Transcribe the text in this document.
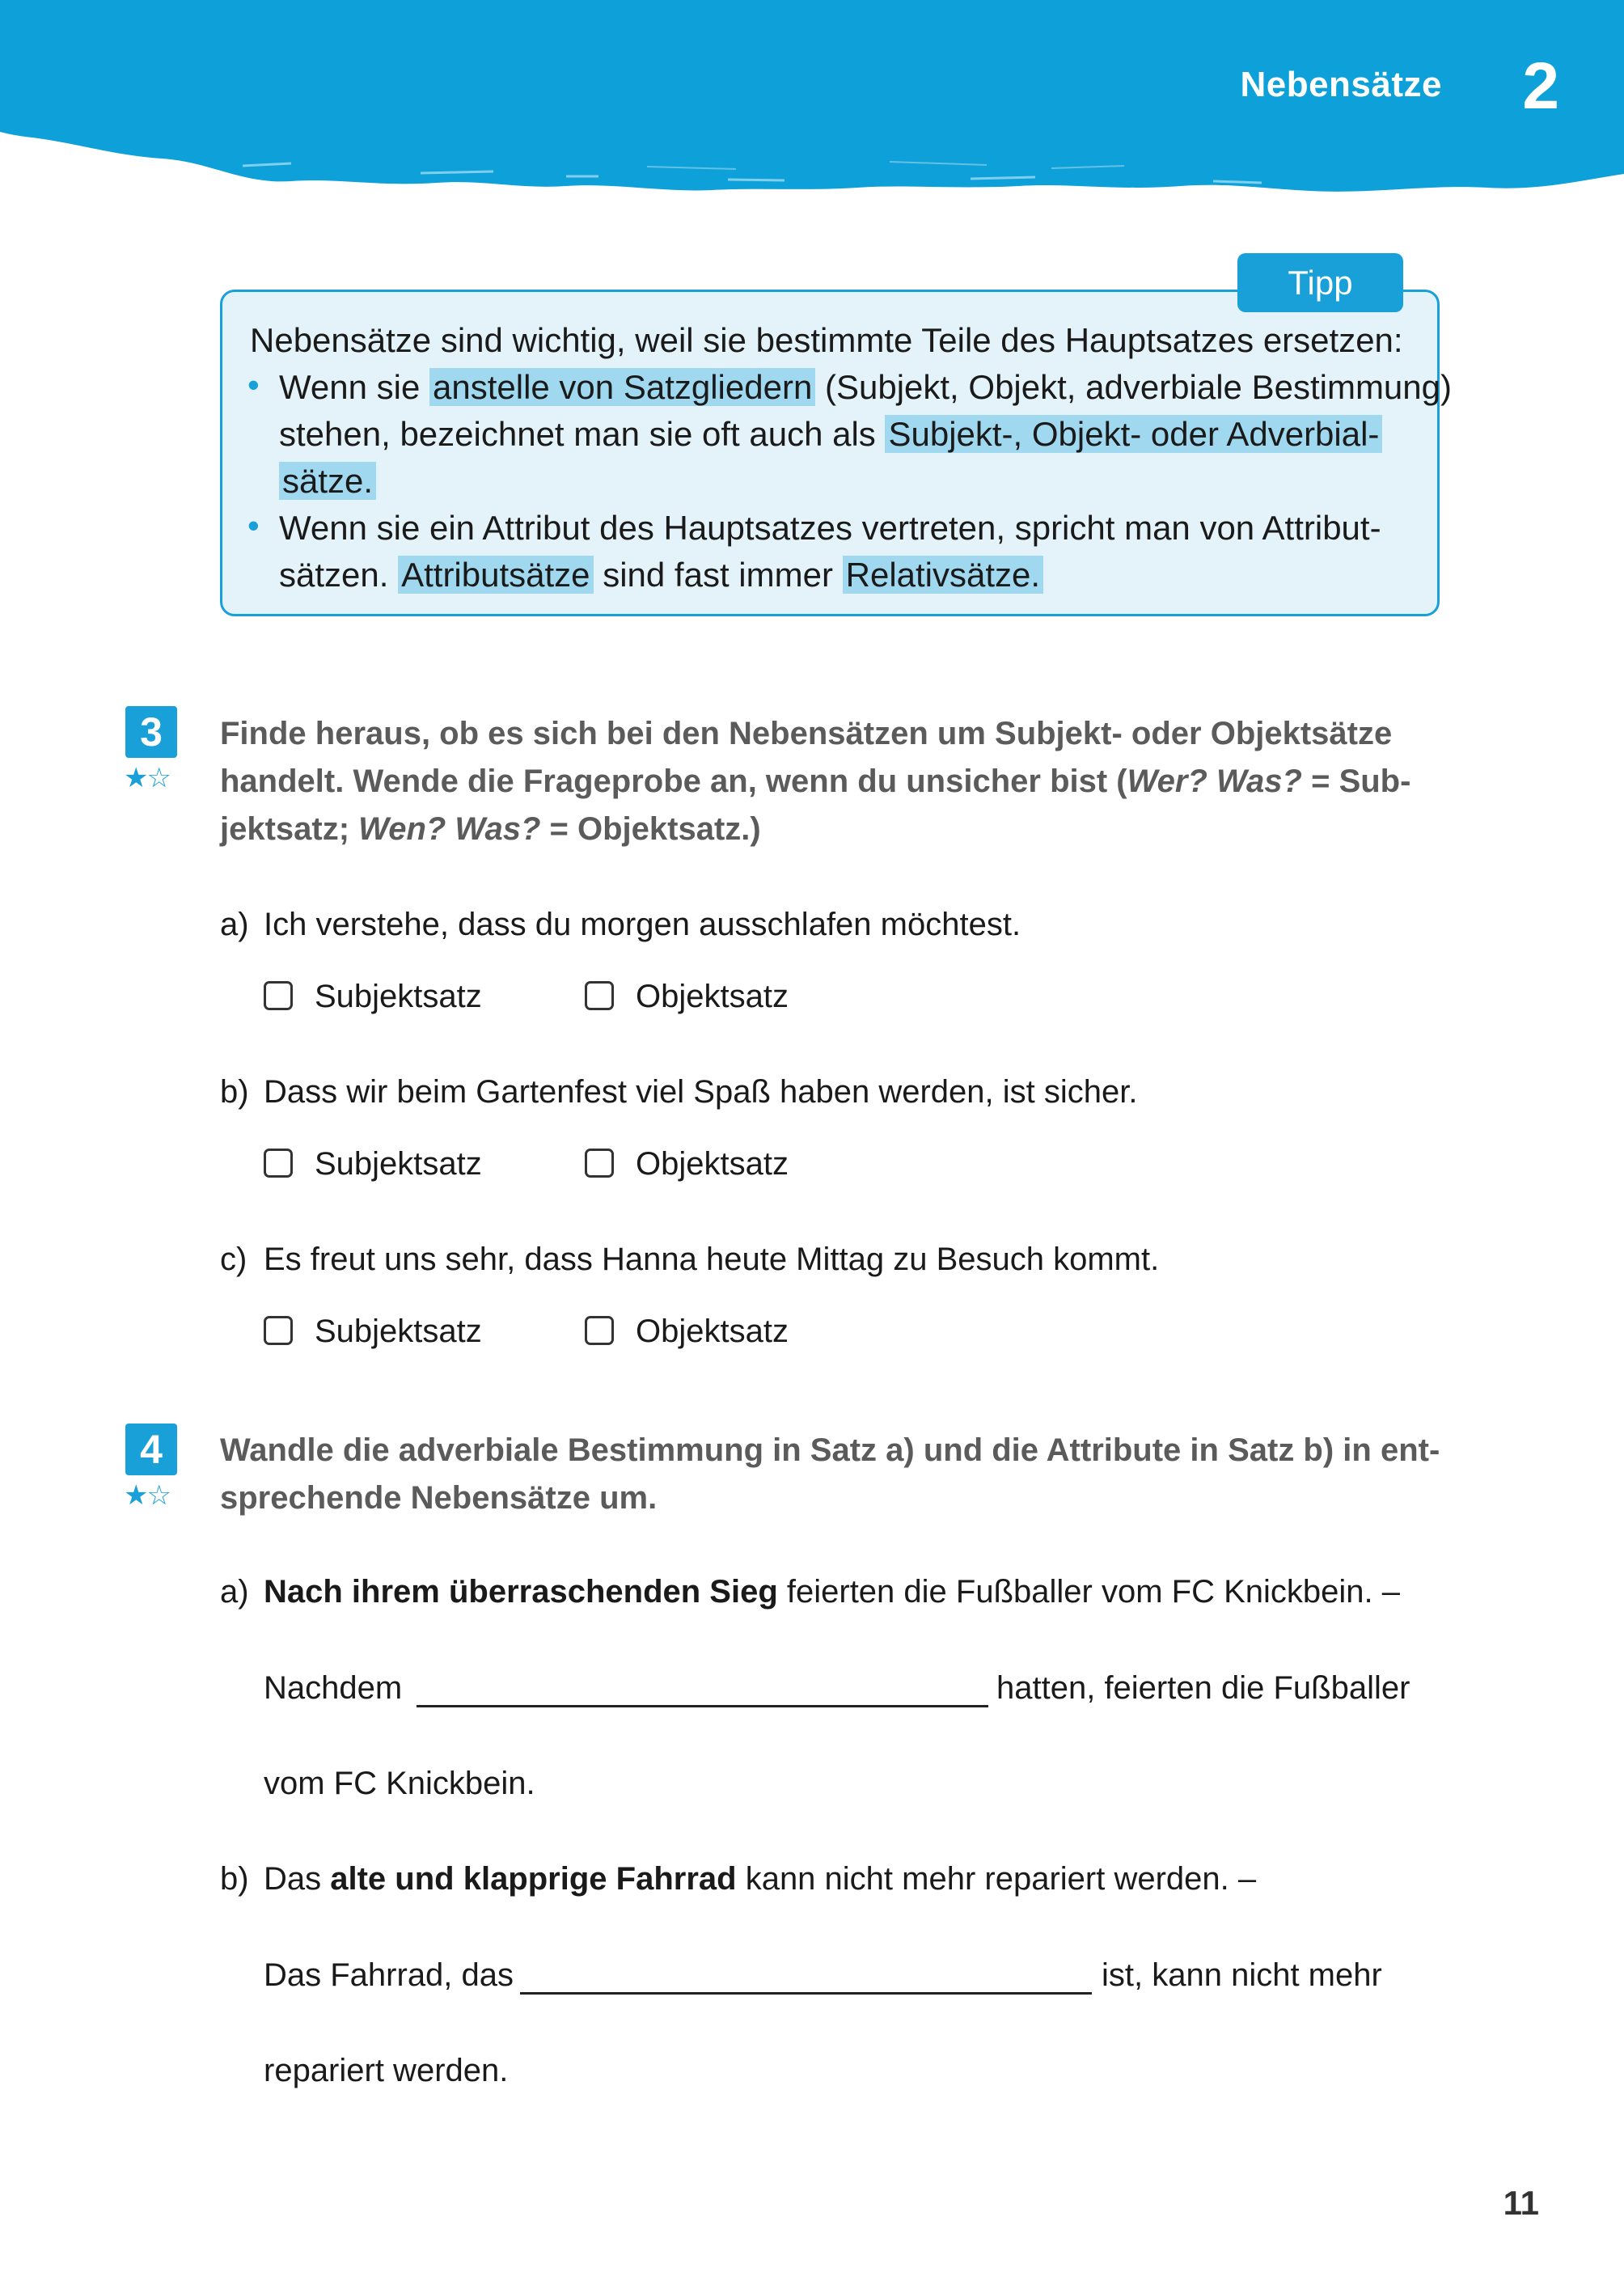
Nebensätze 2
Tipp
Nebensätze sind wichtig, weil sie bestimmte Teile des Hauptsatzes ersetzen:
• Wenn sie anstelle von Satzgliedern (Subjekt, Objekt, adverbiale Bestimmung)
stehen, bezeichnet man sie oft auch als Subjekt-, Objekt- oder Adverbial-
sätze.
• Wenn sie ein Attribut des Hauptsatzes vertreten, spricht man von Attribut-
sätzen. Attributsätze sind fast immer Relativsätze.
3
★☆
Finde heraus, ob es sich bei den Nebensätzen um Subjekt- oder Objektsätze
handelt. Wende die Frageprobe an, wenn du unsicher bist (Wer? Was? = Sub-
jektsatz; Wen? Was? = Objektsatz.)
a) Ich verstehe, dass du morgen ausschlafen möchtest.
Subjektsatz	Objektsatz
b) Dass wir beim Gartenfest viel Spaß haben werden, ist sicher.
Subjektsatz	Objektsatz
c) Es freut uns sehr, dass Hanna heute Mittag zu Besuch kommt.
Subjektsatz	Objektsatz
4
★☆
Wandle die adverbiale Bestimmung in Satz a) und die Attribute in Satz b) in ent-
sprechende Nebensätze um.
a) Nach ihrem überraschenden Sieg feierten die Fußballer vom FC Knickbein. –
Nachdem	hatten, feierten die Fußballer
vom FC Knickbein.
b) Das alte und klapprige Fahrrad kann nicht mehr repariert werden. –
Das Fahrrad, das	ist, kann nicht mehr
repariert werden.
11
